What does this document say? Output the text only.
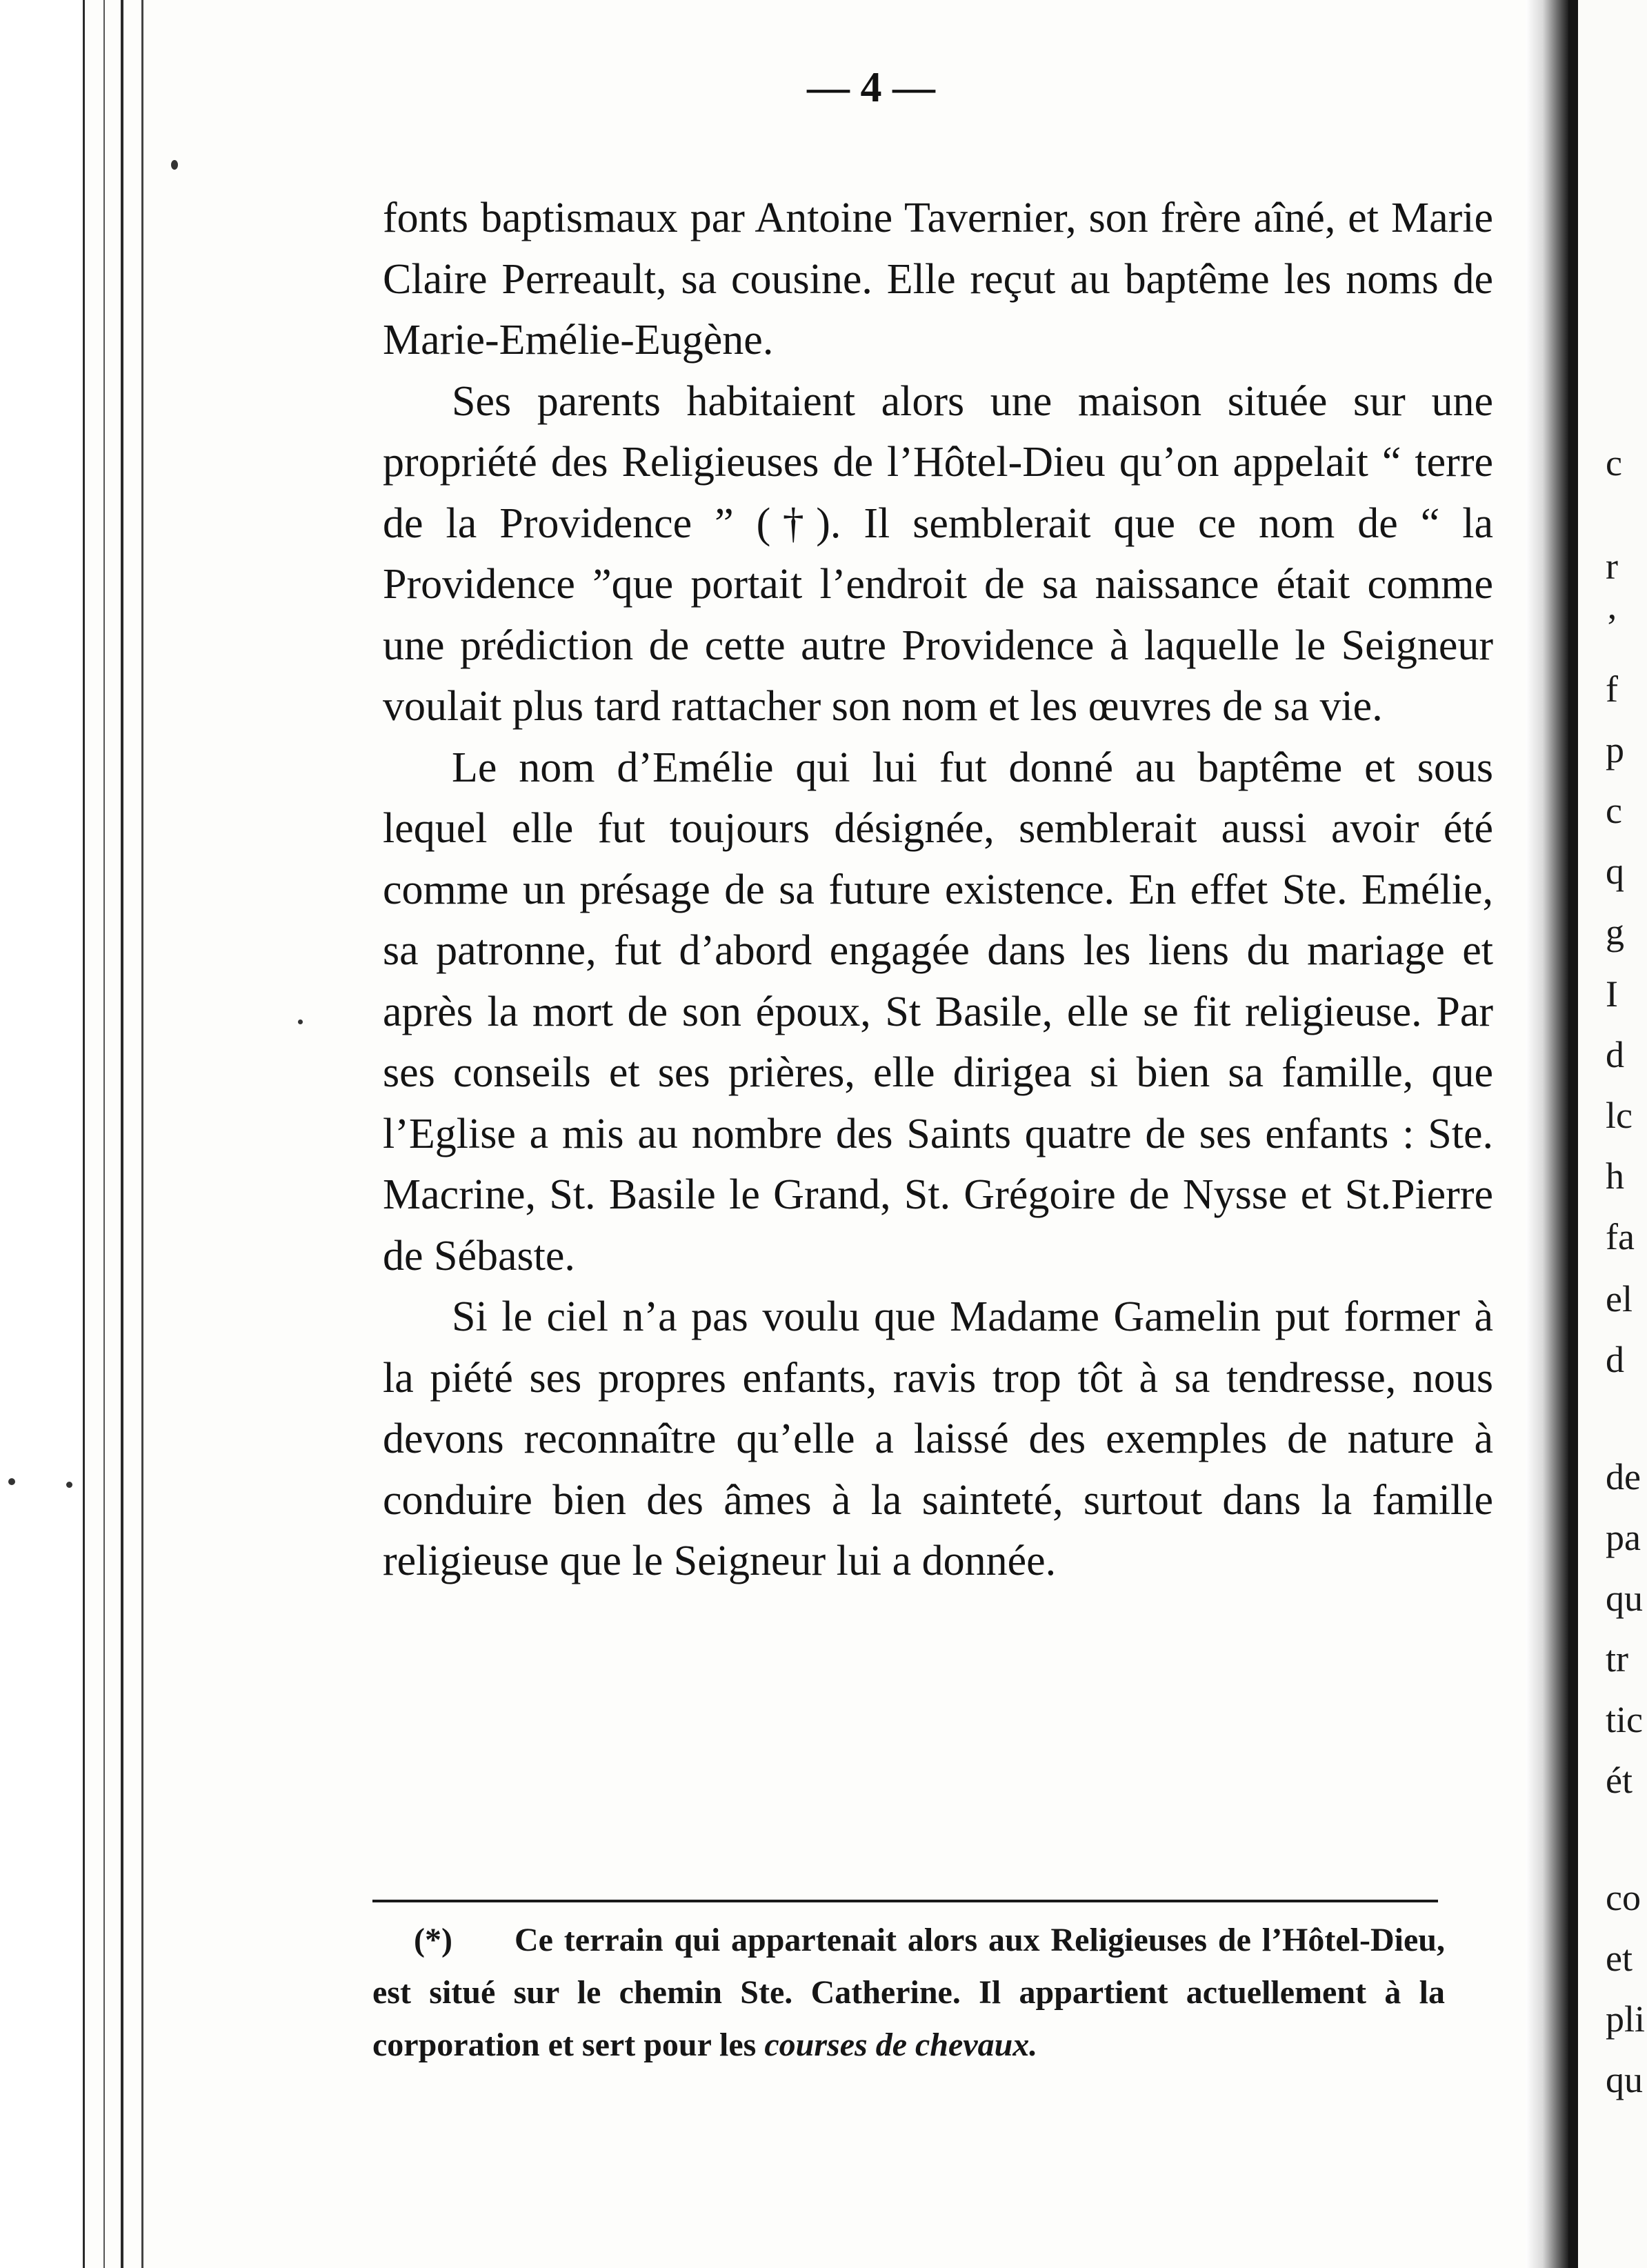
— 4 —

fonts baptismaux par Antoine Tavernier, son frère aîné, et Marie Claire Perreault, sa cousine. Elle reçut au baptême les noms de Marie-Emélie-Eugène.

Ses parents habitaient alors une maison située sur une propriété des Religieuses de l’Hôtel-Dieu qu’on appelait “ terre de la Providence ” (†). Il semblerait que ce nom de “ la Providence ”que portait l’endroit de sa naissance était comme une prédiction de cette autre Providence à laquelle le Seigneur voulait plus tard rattacher son nom et les œuvres de sa vie.

Le nom d’Emélie qui lui fut donné au baptême et sous lequel elle fut toujours désignée, semblerait aussi avoir été comme un présage de sa future existence. En effet Ste. Emélie, sa patronne, fut d’abord engagée dans les liens du mariage et après la mort de son époux, St Basile, elle se fit religieuse. Par ses conseils et ses prières, elle dirigea si bien sa famille, que l’Eglise a mis au nombre des Saints quatre de ses enfants : Ste. Macrine, St. Basile le Grand, St. Grégoire de Nysse et St.Pierre de Sébaste.

Si le ciel n’a pas voulu que Madame Gamelin put former à la piété ses propres enfants, ravis trop tôt à sa tendresse, nous devons reconnaître qu’elle a laissé des exemples de nature à conduire bien des âmes à la sainteté, surtout dans la famille religieuse que le Seigneur lui a donnée.

(*) Ce terrain qui appartenait alors aux Religieuses de l’Hôtel-Dieu, est situé sur le chemin Ste. Catherine. Il appartient actuellement à la corporation et sert pour les courses de chevaux.
c
r
’
f
p
c
q
g
I
d
lc
h
fa
el
d
de
pa
qu
tr
tic
ét
co
et
pli
qu
